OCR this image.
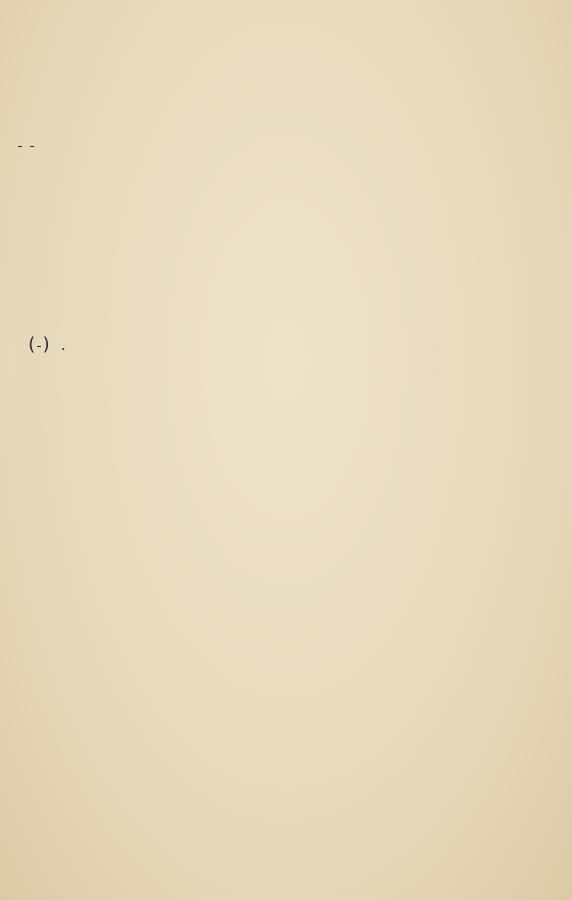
( ) .
